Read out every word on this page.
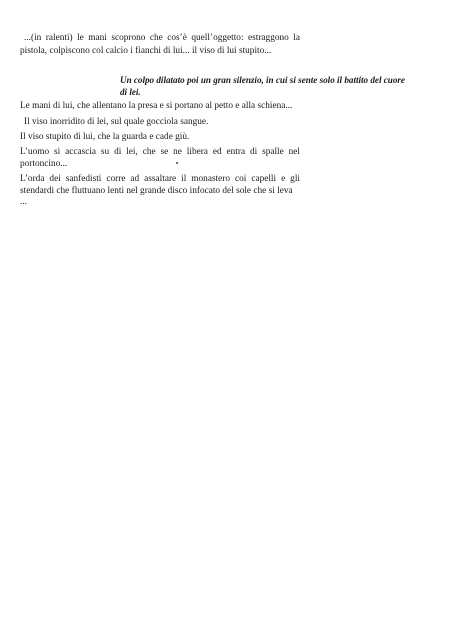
...(in ralenti) le mani scoprono che cos’è quell’oggetto: estraggono la
pistola, colpiscono col calcio i fianchi di lui... il viso di lui stupito...
Un colpo dilatato poi un gran silenzio, in cui si sente solo il battito del cuore
di lei.
Le mani di lui, che allentano la presa e si portano al petto e alla schiena...
Il viso inorridito di lei, sul quale gocciola sangue.
Il viso stupito di lui, che la guarda e cade giù.
L’uomo si accascia su di lei, che se ne libera ed entra di spalle nel
portoncino...
L’orda dei sanfedisti corre ad assaltare il monastero coi capelli e gli
stendardi che fluttuano lenti nel grande disco infocato del sole che si leva
...
